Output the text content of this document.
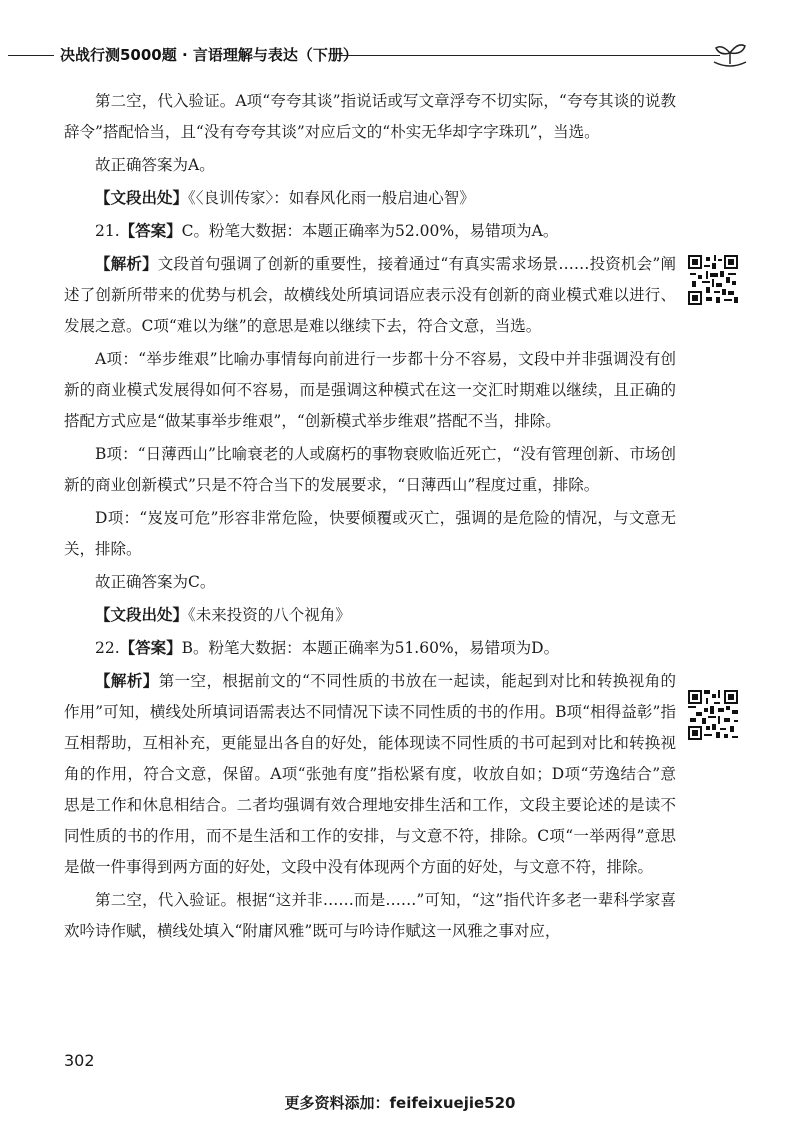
决战行测5000题 · 言语理解与表达（下册）

第二空，代入验证。A项“夸夸其谈”指说话或写文章浮夸不切实际，“夸夸其谈的说教辞令”搭配恰当，且“没有夸夸其谈”对应后文的“朴实无华却字字珠玑”，当选。

故正确答案为A。

【文段出处】《〈良训传家〉：如春风化雨一般启迪心智》

21.【答案】C。粉笔大数据：本题正确率为52.00%，易错项为A。

【解析】文段首句强调了创新的重要性，接着通过“有真实需求场景……投资机会”阐述了创新所带来的优势与机会，故横线处所填词语应表示没有创新的商业模式难以进行、发展之意。C项“难以为继”的意思是难以继续下去，符合文意，当选。

A项：“举步维艰”比喻办事情每向前进行一步都十分不容易，文段中并非强调没有创新的商业模式发展得如何不容易，而是强调这种模式在这一交汇时期难以继续，且正确的搭配方式应是“做某事举步维艰”，“创新模式举步维艰”搭配不当，排除。

B项：“日薄西山”比喻衰老的人或腐朽的事物衰败临近死亡，“没有管理创新、市场创新的商业创新模式”只是不符合当下的发展要求，“日薄西山”程度过重，排除。

D项：“岌岌可危”形容非常危险，快要倾覆或灭亡，强调的是危险的情况，与文意无关，排除。

故正确答案为C。

【文段出处】《未来投资的八个视角》

22.【答案】B。粉笔大数据：本题正确率为51.60%，易错项为D。

【解析】第一空，根据前文的“不同性质的书放在一起读，能起到对比和转换视角的作用”可知，横线处所填词语需表达不同情况下读不同性质的书的作用。B项“相得益彰”指互相帮助，互相补充，更能显出各自的好处，能体现读不同性质的书可起到对比和转换视角的作用，符合文意，保留。A项“张弛有度”指松紧有度，收放自如；D项“劳逸结合”意思是工作和休息相结合。二者均强调有效合理地安排生活和工作，文段主要论述的是读不同性质的书的作用，而不是生活和工作的安排，与文意不符，排除。C项“一举两得”意思是做一件事得到两方面的好处，文段中没有体现两个方面的好处，与文意不符，排除。

第二空，代入验证。根据“这并非……而是……”可知，“这”指代许多老一辈科学家喜欢吟诗作赋，横线处填入“附庸风雅”既可与吟诗作赋这一风雅之事对应，

302
更多资料添加：feifeixuejie520
